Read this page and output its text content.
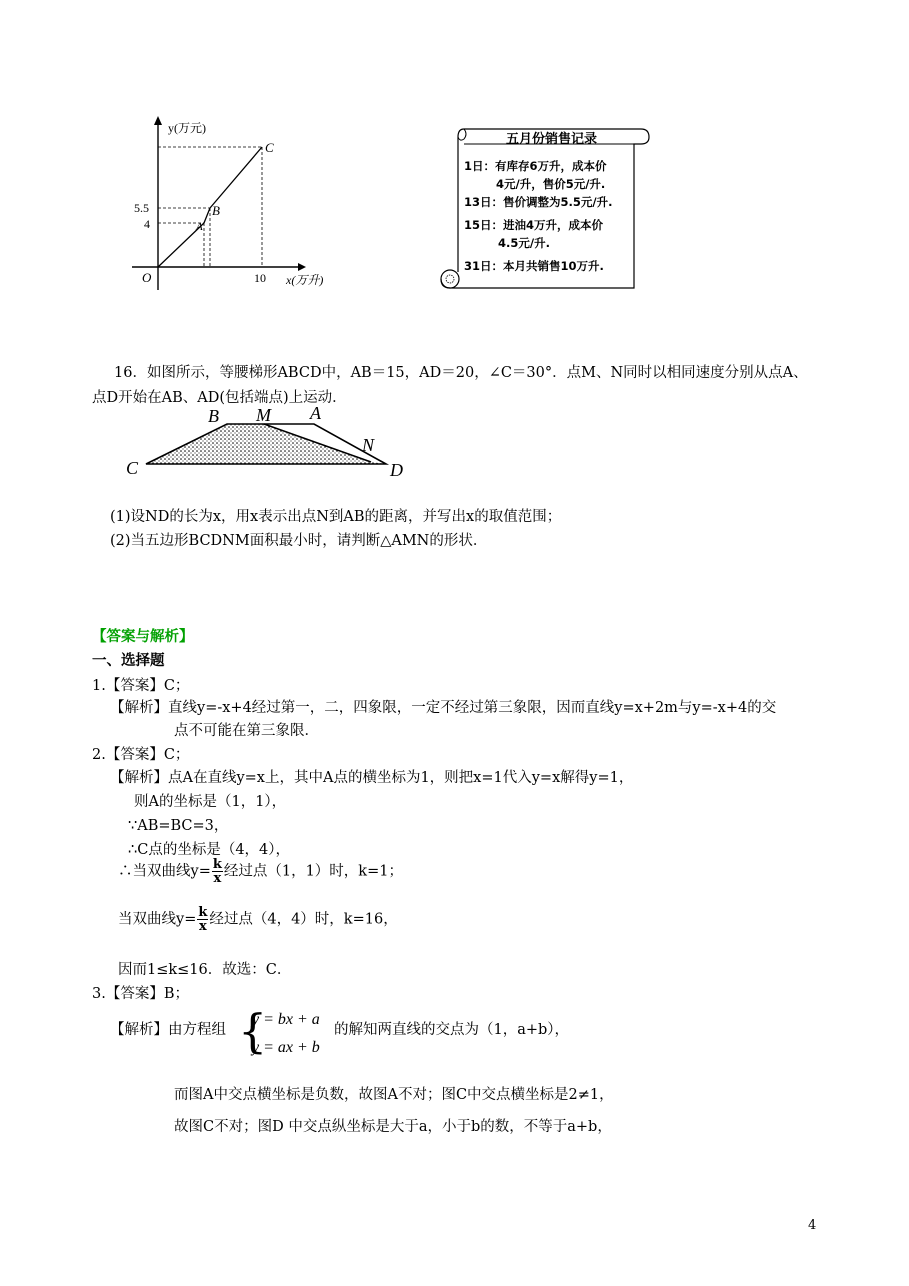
y(万元)
x(万升)
O
5.5
4
10
C
B
A
五月份销售记录
1日：有库存6万升，成本价
4元/升，售价5元/升.
13日：售价调整为5.5元/升.
15日：进油4万升，成本价
4.5元/升.
31日：本月共销售10万升.
16．如图所示，等腰梯形ABCD中，AB＝15，AD＝20，∠C＝30°．点M、N同时以相同速度分别从点A、
点D开始在AB、AD(包括端点)上运动．
B M A
N
C	D
(1)设ND的长为x，用x表示出点N到AB的距离，并写出x的取值范围；
(2)当五边形BCDNM面积最小时，请判断△AMN的形状．
【答案与解析】
一、选择题
1.【答案】C；
【解析】直线y=-x+4经过第一，二，四象限，一定不经过第三象限，因而直线y=x+2m与y=-x+4的交
点不可能在第三象限．
2.【答案】C；
【解析】点A在直线y=x上，其中A点的横坐标为1，则把x=1代入y=x解得y=1，
则A的坐标是（1，1），
∵AB=BC=3，
∴C点的坐标是（4，4），
∴当双曲线$y= \frac{k}{x}$ 经过点（1，1）时，k=1；
当双曲线$y= \frac{k}{x}$ 经过点（4，4）时，k=16，
因而1≤k≤16．故选：C．
3.【答案】B；
【解析】由方程组 {
y = bx + a
y = ax + b
的解知两直线的交点为（1，a+b），
而图A中交点横坐标是负数，故图A不对；图C中交点横坐标是2≠1，
故图C不对；图D 中交点纵坐标是大于a，小于b的数，不等于a+b，
4
